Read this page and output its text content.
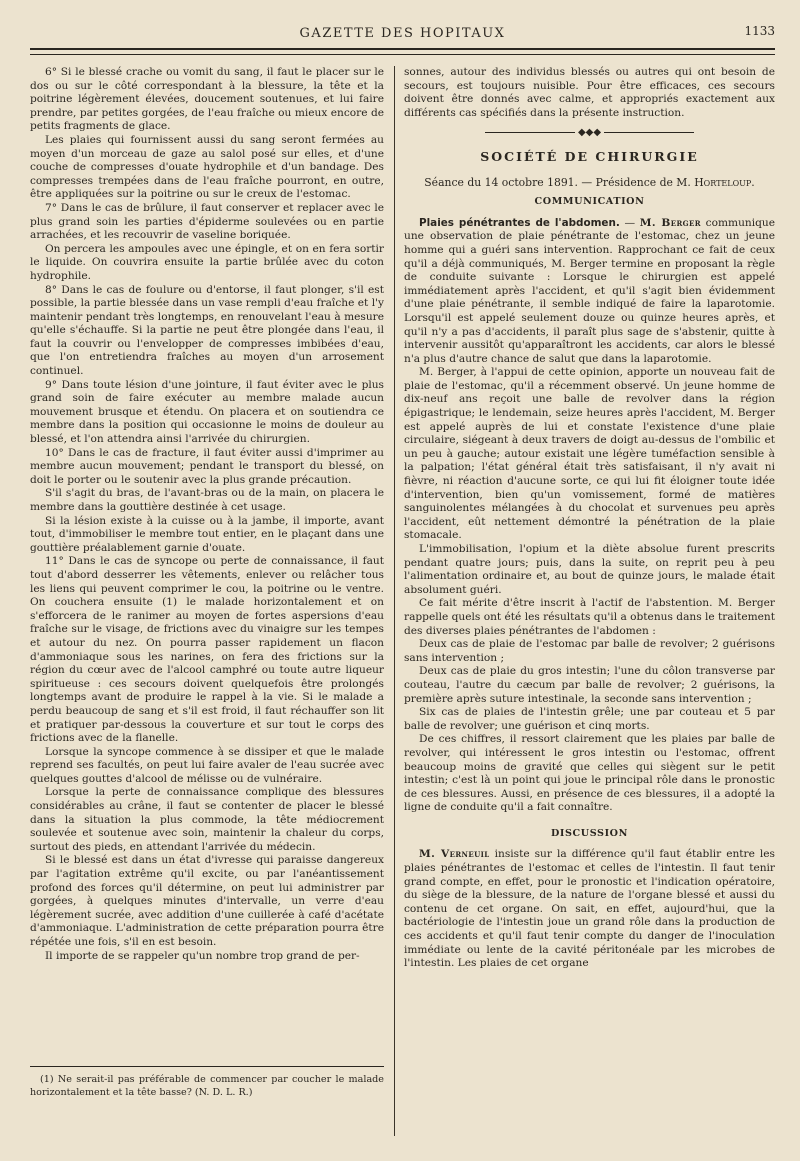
GAZETTE DES HOPITAUX	1133

6° Si le blessé crache ou vomit du sang, il faut le placer sur le dos ou sur le côté correspondant à la blessure, la tête et la poitrine légèrement élevées, doucement soutenues, et lui faire prendre, par petites gorgées, de l'eau fraîche ou mieux encore de petits fragments de glace.

Les plaies qui fournissent aussi du sang seront fermées au moyen d'un morceau de gaze au salol posé sur elles, et d'une couche de compresses d'ouate hydrophile et d'un bandage. Des compresses trempées dans de l'eau fraîche pourront, en outre, être appliquées sur la poitrine ou sur le creux de l'estomac.

7° Dans le cas de brûlure, il faut conserver et replacer avec le plus grand soin les parties d'épiderme soulevées ou en partie arrachées, et les recouvrir de vaseline boriquée.

On percera les ampoules avec une épingle, et on en fera sortir le liquide. On couvrira ensuite la partie brûlée avec du coton hydrophile.

8° Dans le cas de foulure ou d'entorse, il faut plonger, s'il est possible, la partie blessée dans un vase rempli d'eau fraîche et l'y maintenir pendant très longtemps, en renouvelant l'eau à mesure qu'elle s'échauffe. Si la partie ne peut être plongée dans l'eau, il faut la couvrir ou l'envelopper de compresses imbibées d'eau, que l'on entretiendra fraîches au moyen d'un arrosement continuel.

9° Dans toute lésion d'une jointure, il faut éviter avec le plus grand soin de faire exécuter au membre malade aucun mouvement brusque et étendu. On placera et on soutiendra ce membre dans la position qui occasionne le moins de douleur au blessé, et l'on attendra ainsi l'arrivée du chirurgien.

10° Dans le cas de fracture, il faut éviter aussi d'imprimer au membre aucun mouvement; pendant le transport du blessé, on doit le porter ou le soutenir avec la plus grande précaution.

S'il s'agit du bras, de l'avant-bras ou de la main, on placera le membre dans la gouttière destinée à cet usage.

Si la lésion existe à la cuisse ou à la jambe, il importe, avant tout, d'immobiliser le membre tout entier, en le plaçant dans une gouttière préalablement garnie d'ouate.

11° Dans le cas de syncope ou perte de connaissance, il faut tout d'abord desserrer les vêtements, enlever ou relâcher tous les liens qui peuvent comprimer le cou, la poitrine ou le ventre. On couchera ensuite (1) le malade horizontalement et on s'efforcera de le ranimer au moyen de fortes aspersions d'eau fraîche sur le visage, de frictions avec du vinaigre sur les tempes et autour du nez. On pourra passer rapidement un flacon d'ammoniaque sous les narines, on fera des frictions sur la région du cœur avec de l'alcool camphré ou toute autre liqueur spiritueuse : ces secours doivent quelquefois être prolongés longtemps avant de produire le rappel à la vie. Si le malade a perdu beaucoup de sang et s'il est froid, il faut réchauffer son lit et pratiquer par-dessous la couverture et sur tout le corps des frictions avec de la flanelle.

Lorsque la syncope commence à se dissiper et que le malade reprend ses facultés, on peut lui faire avaler de l'eau sucrée avec quelques gouttes d'alcool de mélisse ou de vulnéraire.

Lorsque la perte de connaissance complique des blessures considérables au crâne, il faut se contenter de placer le blessé dans la situation la plus commode, la tête médiocrement soulevée et soutenue avec soin, maintenir la chaleur du corps, surtout des pieds, en attendant l'arrivée du médecin.

Si le blessé est dans un état d'ivresse qui paraisse dangereux par l'agitation extrême qu'il excite, ou par l'anéantissement profond des forces qu'il détermine, on peut lui administrer par gorgées, à quelques minutes d'intervalle, un verre d'eau légèrement sucrée, avec addition d'une cuillerée à café d'acétate d'ammoniaque. L'administration de cette préparation pourra être répétée une fois, s'il en est besoin.

Il importe de se rappeler qu'un nombre trop grand de per-

(1) Ne serait-il pas préférable de commencer par coucher le malade horizontalement et la tête basse? (N. D. L. R.)

sonnes, autour des individus blessés ou autres qui ont besoin de secours, est toujours nuisible. Pour être efficaces, ces secours doivent être donnés avec calme, et appropriés exactement aux différents cas spécifiés dans la présente instruction.

◆◆◆
SOCIÉTÉ DE CHIRURGIE
Séance du 14 octobre 1891. — Présidence de M. Horteloup.
COMMUNICATION

Plaies pénétrantes de l'abdomen. — M. Berger communique une observation de plaie pénétrante de l'estomac, chez un jeune homme qui a guéri sans intervention. Rapprochant ce fait de ceux qu'il a déjà communiqués, M. Berger termine en proposant la règle de conduite suivante : Lorsque le chirurgien est appelé immédiatement après l'accident, et qu'il s'agit bien évidemment d'une plaie pénétrante, il semble indiqué de faire la laparotomie. Lorsqu'il est appelé seulement douze ou quinze heures après, et qu'il n'y a pas d'accidents, il paraît plus sage de s'abstenir, quitte à intervenir aussitôt qu'apparaîtront les accidents, car alors le blessé n'a plus d'autre chance de salut que dans la laparotomie.

M. Berger, à l'appui de cette opinion, apporte un nouveau fait de plaie de l'estomac, qu'il a récemment observé. Un jeune homme de dix-neuf ans reçoit une balle de revolver dans la région épigastrique; le lendemain, seize heures après l'accident, M. Berger est appelé auprès de lui et constate l'existence d'une plaie circulaire, siégeant à deux travers de doigt au-dessus de l'ombilic et un peu à gauche; autour existait une légère tuméfaction sensible à la palpation; l'état général était très satisfaisant, il n'y avait ni fièvre, ni réaction d'aucune sorte, ce qui lui fit éloigner toute idée d'intervention, bien qu'un vomissement, formé de matières sanguinolentes mélangées à du chocolat et survenues peu après l'accident, eût nettement démontré la pénétration de la plaie stomacale.

L'immobilisation, l'opium et la diète absolue furent prescrits pendant quatre jours; puis, dans la suite, on reprit peu à peu l'alimentation ordinaire et, au bout de quinze jours, le malade était absolument guéri.

Ce fait mérite d'être inscrit à l'actif de l'abstention. M. Berger rappelle quels ont été les résultats qu'il a obtenus dans le traitement des diverses plaies pénétrantes de l'abdomen :

Deux cas de plaie de l'estomac par balle de revolver; 2 guérisons sans intervention ;

Deux cas de plaie du gros intestin; l'une du côlon transverse par couteau, l'autre du cæcum par balle de revolver; 2 guérisons, la première après suture intestinale, la seconde sans intervention ;

Six cas de plaies de l'intestin grêle; une par couteau et 5 par balle de revolver; une guérison et cinq morts.

De ces chiffres, il ressort clairement que les plaies par balle de revolver, qui intéressent le gros intestin ou l'estomac, offrent beaucoup moins de gravité que celles qui siègent sur le petit intestin; c'est là un point qui joue le principal rôle dans le pronostic de ces blessures. Aussi, en présence de ces blessures, il a adopté la ligne de conduite qu'il a fait connaître.

DISCUSSION

M. Verneuil insiste sur la différence qu'il faut établir entre les plaies pénétrantes de l'estomac et celles de l'intestin. Il faut tenir grand compte, en effet, pour le pronostic et l'indication opératoire, du siège de la blessure, de la nature de l'organe blessé et aussi du contenu de cet organe. On sait, en effet, aujourd'hui, que la bactériologie de l'intestin joue un grand rôle dans la production de ces accidents et qu'il faut tenir compte du danger de l'inoculation immédiate ou lente de la cavité péritonéale par les microbes de l'intestin. Les plaies de cet organe
